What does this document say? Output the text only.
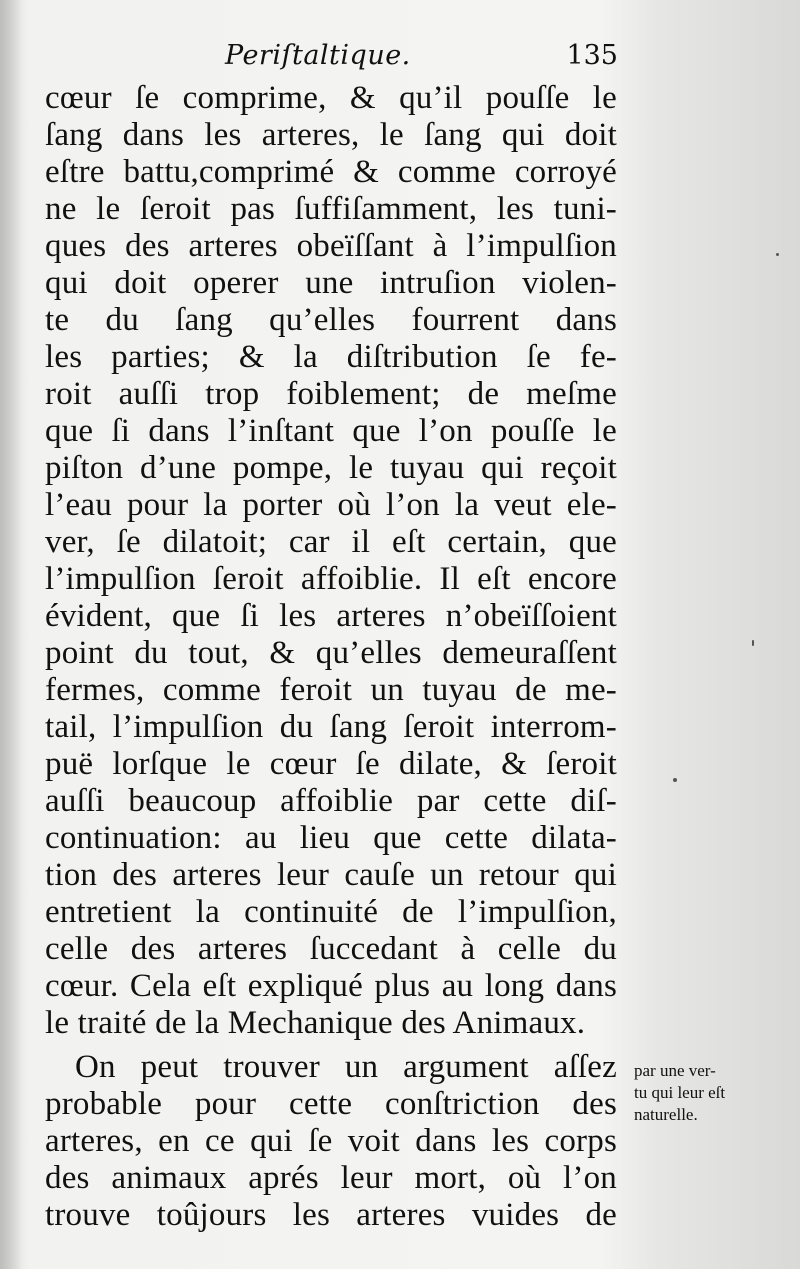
Periſtaltique.	135
cœur ſe comprime, & qu’il pouſſe le
ſang dans les arteres, le ſang qui doit
eſtre battu,comprimé & comme corroyé
ne le ſeroit pas ſuffiſamment, les tuni-
ques des arteres obeïſſant à l’impulſion
qui doit operer une intruſion violen-
te du ſang qu’elles fourrent dans
les parties; & la diſtribution ſe fe-
roit auſſi trop foiblement; de meſme
que ſi dans l’inſtant que l’on pouſſe le
piſton d’une pompe, le tuyau qui reçoit
l’eau pour la porter où l’on la veut ele-
ver, ſe dilatoit; car il eſt certain, que
l’impulſion ſeroit affoiblie. Il eſt encore
évident, que ſi les arteres n’obeïſſoient
point du tout, & qu’elles demeuraſſent
fermes, comme feroit un tuyau de me-
tail, l’impulſion du ſang ſeroit interrom-
puë lorſque le cœur ſe dilate, & ſeroit
auſſi beaucoup affoiblie par cette diſ-
continuation: au lieu que cette dilata-
tion des arteres leur cauſe un retour qui
entretient la continuité de l’impulſion,
celle des arteres ſuccedant à celle du
cœur. Cela eſt expliqué plus au long dans
le traité de la Mechanique des Animaux.
On peut trouver un argument aſſez
probable pour cette conſtriction des
arteres, en ce qui ſe voit dans les corps
des animaux aprés leur mort, où l’on
trouve toûjours les arteres vuides de
par une ver-
tu qui leur eſt
naturelle.
